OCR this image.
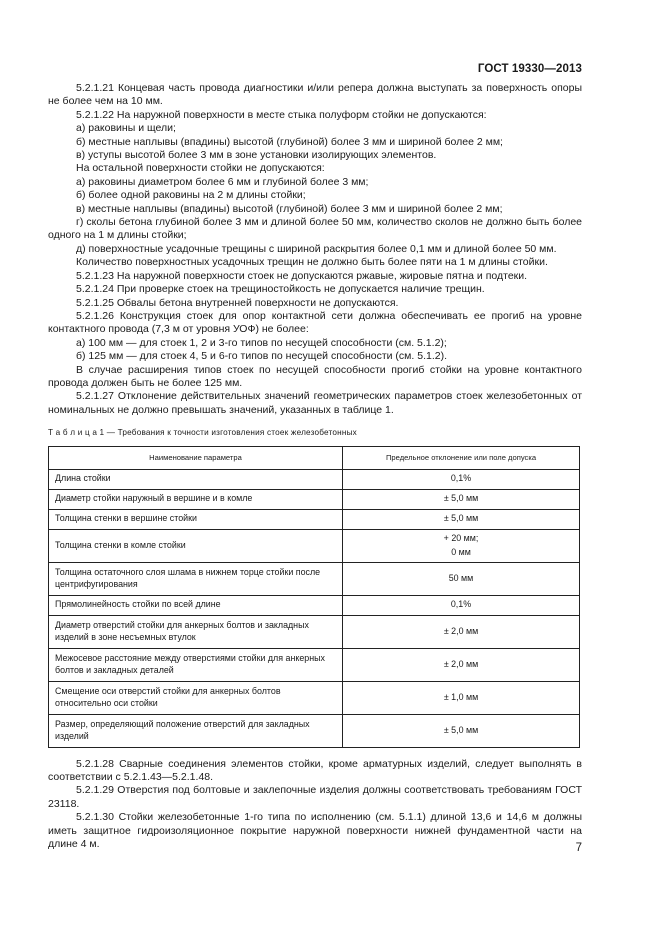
ГОСТ 19330—2013

5.2.1.21 Концевая часть провода диагностики и/или репера должна выступать за поверхность опоры не более чем на 10 мм.

5.2.1.22 На наружной поверхности в месте стыка полуформ стойки не допускаются:

а) раковины и щели;

б) местные наплывы (впадины) высотой (глубиной) более 3 мм и шириной более 2 мм;

в) уступы высотой более 3 мм в зоне установки изолирующих элементов.

На остальной поверхности стойки не допускаются:

а) раковины диаметром более 6 мм и глубиной более 3 мм;

б) более одной раковины на 2 м длины стойки;

в) местные наплывы (впадины) высотой (глубиной) более 3 мм и шириной более 2 мм;

г) сколы бетона глубиной более 3 мм и длиной более 50 мм, количество сколов не должно быть более одного на 1 м длины стойки;

д) поверхностные усадочные трещины с шириной раскрытия более 0,1 мм и длиной более 50 мм.

Количество поверхностных усадочных трещин не должно быть более пяти на 1 м длины стойки.

5.2.1.23 На наружной поверхности стоек не допускаются ржавые, жировые пятна и подтеки.

5.2.1.24 При проверке стоек на трещиностойкость не допускается наличие трещин.

5.2.1.25 Обвалы бетона внутренней поверхности не допускаются.

5.2.1.26 Конструкция стоек для опор контактной сети должна обеспечивать ее прогиб на уровне контактного провода (7,3 м от уровня УОФ) не более:

а) 100 мм — для стоек 1, 2 и 3-го типов по несущей способности (см. 5.1.2);

б) 125 мм — для стоек 4, 5 и 6-го типов по несущей способности (см. 5.1.2).

В случае расширения типов стоек по несущей способности прогиб стойки на уровне контактного провода должен быть не более 125 мм.

5.2.1.27 Отклонение действительных значений геометрических параметров стоек железобетонных от номинальных не должно превышать значений, указанных в таблице 1.

Т а б л и ц а 1 — Требования к точности изготовления стоек железобетонных
Наименование параметра	Предельное отклонение или поле допуска
Длина стойки	0,1%

Диаметр стойки наружный в вершине и в комле	± 5,0 мм

Толщина стенки в вершине стойки	± 5,0 мм

Толщина стенки в комле стойки	+ 20 мм;
0 мм

Толщина остаточного слоя шлама в нижнем торце стойки после центрифугирования	50 мм

Прямолинейность стойки по всей длине	0,1%

Диаметр отверстий стойки для анкерных болтов и закладных изделий в зоне несъемных втулок	± 2,0 мм

Межосевое расстояние между отверстиями стойки для анкерных болтов и закладных деталей	± 2,0 мм

Смещение оси отверстий стойки для анкерных болтов относительно оси стойки	± 1,0 мм

Размер, определяющий положение отверстий для закладных изделий	± 5,0 мм

5.2.1.28 Сварные соединения элементов стойки, кроме арматурных изделий, следует выполнять в соответствии с 5.2.1.43—5.2.1.48.

5.2.1.29 Отверстия под болтовые и заклепочные изделия должны соответствовать требованиям ГОСТ 23118.

5.2.1.30 Стойки железобетонные 1-го типа по исполнению (см. 5.1.1) длиной 13,6 и 14,6 м должны иметь защитное гидроизоляционное покрытие наружной поверхности нижней фундаментной части на длине 4 м.	7
